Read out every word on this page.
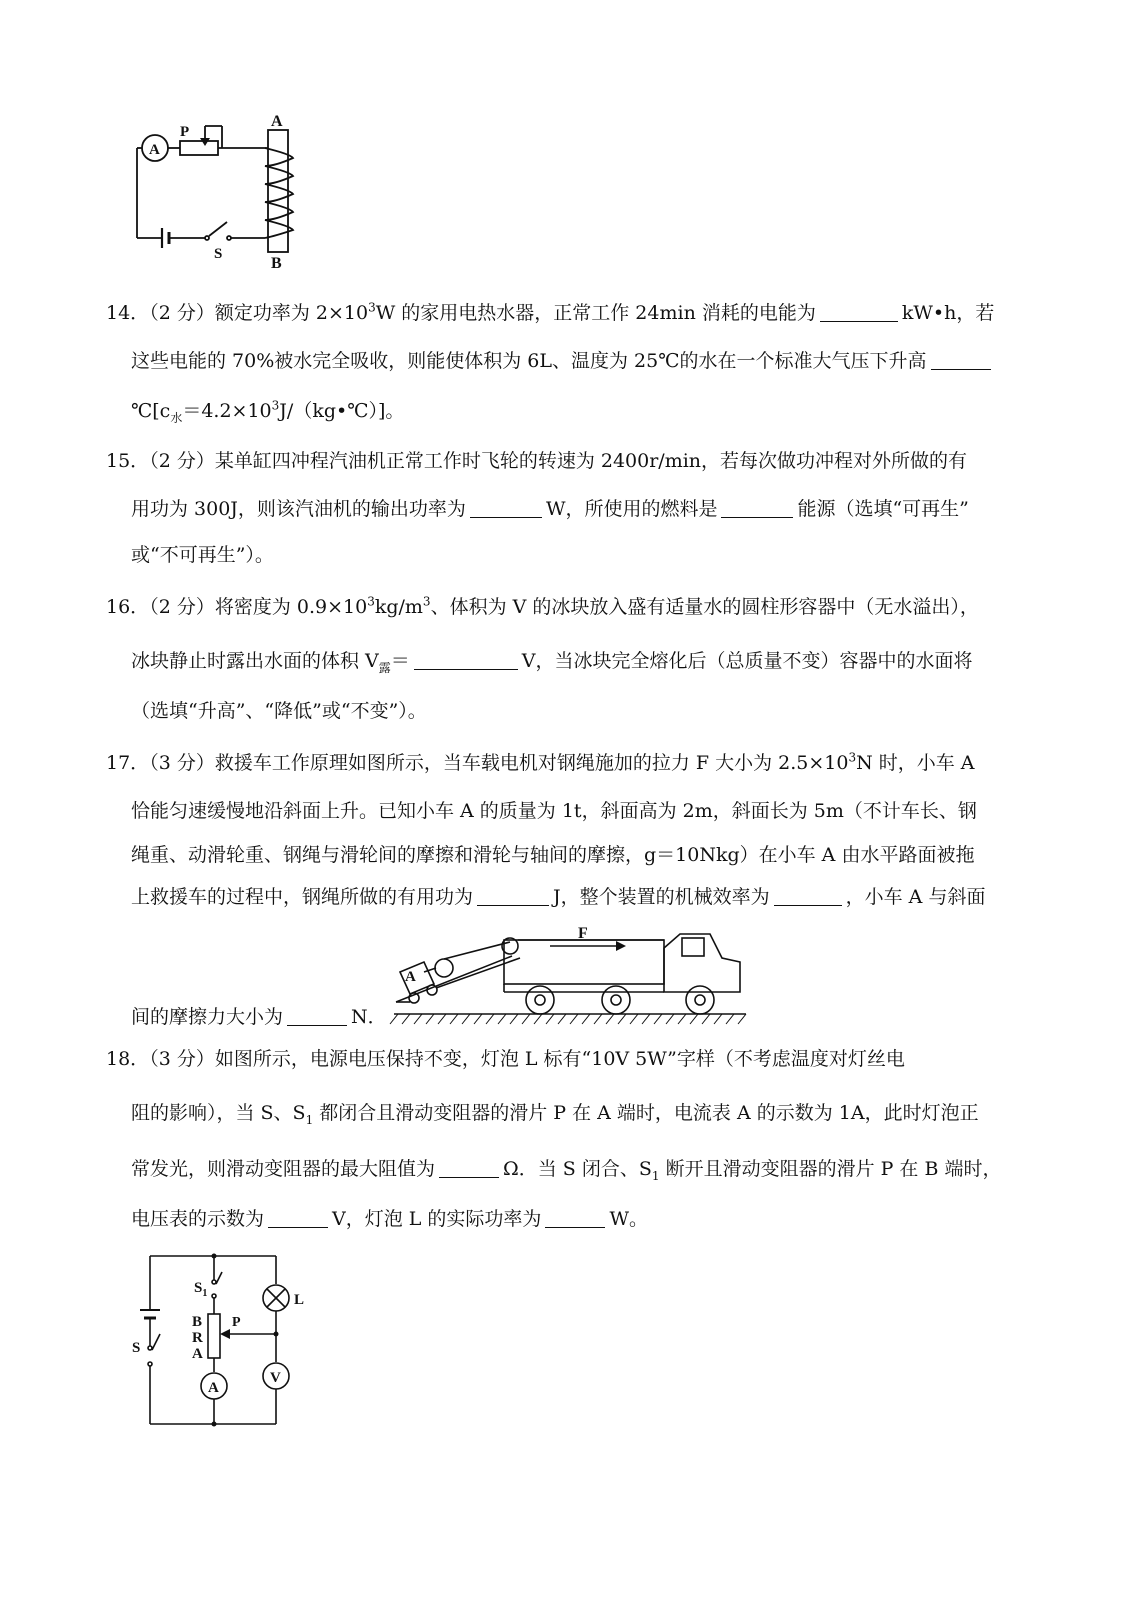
A
P
A
B
S
14．（2 分）额定功率为 $2\times 10^3W$ 的家用电热水器，正常工作 24min 消耗的电能为	kW•h，若
这些电能的 70%被水完全吸收，则能使体积为 6L、温度为 25℃的水在一个标准大气压下升高
$℃[c_水=4.2\times 10^3J/(kg•℃)]$。
15．（2 分）某单缸四冲程汽油机正常工作时飞轮的转速为 2400r/min，若每次做功冲程对外所做的有
用功为 300J，则该汽油机的输出功率为	W，所使用的燃料是	能源（选填“可再生”
或“不可再生”）。
16．（2 分）将密度为 $0.9\times 10^3kg/m^3$、体积为 V 的冰块放入盛有适量水的圆柱形容器中（无水溢出），
冰块静止时露出水面的体积 $V_露=$	V，当冰块完全熔化后（总质量不变）容器中的水面将
（选填“升高”、“降低”或“不变”）。
17．（3 分）救援车工作原理如图所示，当车载电机对钢绳施加的拉力 F 大小为 $2.5\times 10^3N$ 时，小车 A
恰能匀速缓慢地沿斜面上升。已知小车 A 的质量为 1t，斜面高为 2m，斜面长为 5m（不计车长、钢
绳重、动滑轮重、钢绳与滑轮间的摩擦和滑轮与轴间的摩擦，g＝10Nkg）在小车 A 由水平路面被拖
上救援车的过程中，钢绳所做的有用功为	J，整个装置的机械效率为	，小车 A 与斜面
间的摩擦力大小为	N．
F
A
18．（3 分）如图所示，电源电压保持不变，灯泡 L 标有“10V 5W”字样（不考虑温度对灯丝电
阻的影响），当 S、$S_1$ 都闭合且滑动变阻器的滑片 P 在 A 端时，电流表 A 的示数为 1A，此时灯泡正
常发光，则滑动变阻器的最大阻值为	Ω．当 S 闭合、$S_1$ 断开且滑动变阻器的滑片 P 在 B 端时，
电压表的示数为	V，灯泡 L 的实际功率为	W。
$S_1$	L
B
R
A
P
S
A
V
